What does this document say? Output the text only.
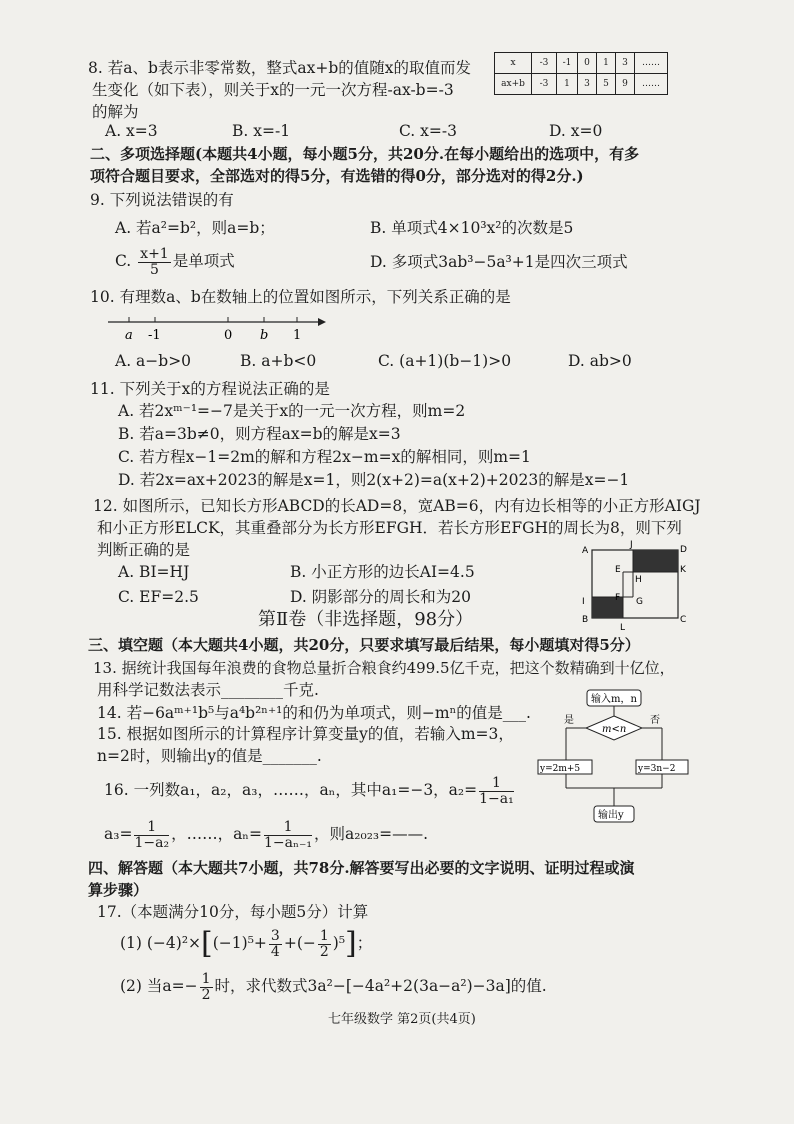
8. 若a、b表示非零常数，整式ax+b的值随x的取值而发
生变化（如下表），则关于x的一元一次方程-ax-b=-3
的解为
x	-3	-1	0	1	3	……
ax+b	-3	1	3	5	9	……
A. x=3	B. x=-1	C. x=-3	D. x=0
二、多项选择题(本题共4小题，每小题5分，共20分.在每小题给出的选项中，有多
项符合题目要求，全部选对的得5分，有选错的得0分，部分选对的得2分.)
9. 下列说法错误的有
A. 若a²=b²，则a=b；	B. 单项式4×10³x²的次数是5
C. $\frac{x+1}{5}$ 是单项式	D. 多项式3ab³−5a³+1是四次三项式
10. 有理数a、b在数轴上的位置如图所示，下列关系正确的是
a -1	0 b 1
A. a−b>0	B. a+b<0	C. (a+1)(b−1)>0	D. ab>0
11. 下列关于x的方程说法正确的是
A. 若2xᵐ⁻¹=−7是关于x的一元一次方程，则m=2
B. 若a=3b≠0，则方程ax=b的解是x=3
C. 若方程x−1=2m的解和方程2x−m=x的解相同，则m=1
D. 若2x=ax+2023的解是x=1，则2(x+2)=a(x+2)+2023的解是x=−1
12. 如图所示，已知长方形ABCD的长AD=8，宽AB=6，内有边长相等的小正方形AIGJ
和小正方形ELCK，其重叠部分为长方形EFGH．若长方形EFGH的周长为8，则下列
判断正确的是
A. BI=HJ	B. 小正方形的边长AI=4.5
C. EF=2.5	D. 阴影部分的周长和为20
A
J	D
K
E
H
F G
I
B
L
C
第Ⅱ卷（非选择题，98分）
三、填空题（本大题共4小题，共20分，只要求填写最后结果，每小题填对得5分）
13. 据统计我国每年浪费的食物总量折合粮食约499.5亿千克，把这个数精确到十亿位，
用科学记数法表示________千克.
14. 若−6aᵐ⁺¹b⁵与a⁴b²ⁿ⁺¹的和仍为单项式，则−mⁿ的值是___.
15. 根据如图所示的计算程序计算变量y的值，若输入m=3，
n=2时，则输出y的值是_______.
输入m，n
m<n
是	否
y=2m+5	y=3n−2
输出y
16. 一列数a₁，a₂，a₃，……，aₙ，其中a₁=−3，$a_2= \frac{1}{\text{1−a₁}}$
$a_3= \frac{1}{\text{1−a₂}}$ ，……，$a_n= \frac{1}{\text{1−aₙ₋₁}}$ ，则a₂₀₂₃=——.
四、解答题（本大题共7小题，共78分.解答要写出必要的文字说明、证明过程或演
算步骤）
17.（本题满分10分，每小题5分）计算
(1) $(-4)^2\times[(-1)^5+ \frac{3}{4}$ +(− $\frac{1}{2} )^5$]；
(2) 当$a=- \frac{1}{2}$ 时，求代数式3a²−[−4a²+2(3a−a²)−3a]的值.
七年级数学 第2页(共4页)
